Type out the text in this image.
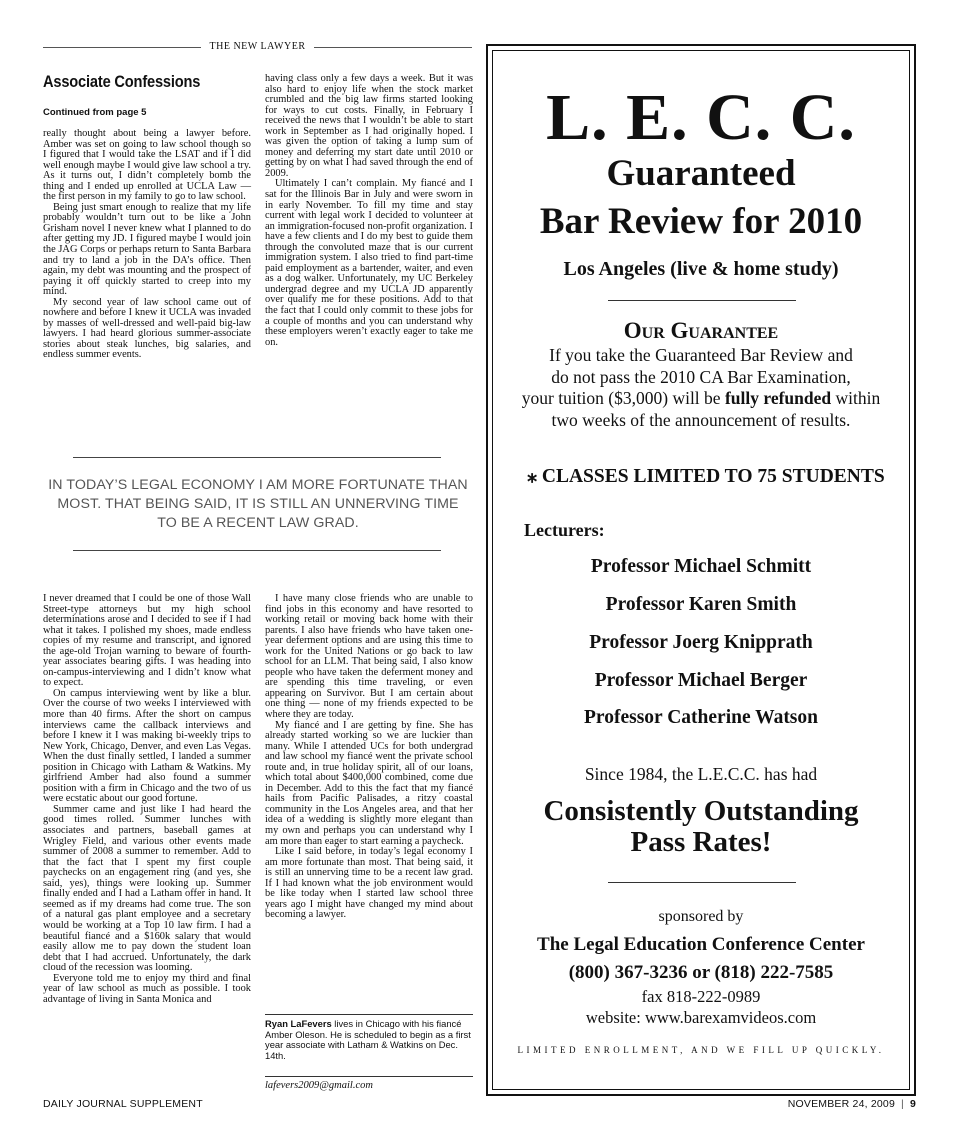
THE NEW LAWYER
Associate Confessions
Continued from page 5

really thought about being a lawyer before. Amber was set on going to law school though so I figured that I would take the LSAT and if I did well enough maybe I would give law school a try. As it turns out, I didn’t completely bomb the thing and I ended up enrolled at UCLA Law — the first person in my family to go to law school.

Being just smart enough to realize that my life probably wouldn’t turn out to be like a John Grisham novel I never knew what I planned to do after getting my JD. I figured maybe I would join the JAG Corps or perhaps return to Santa Barbara and try to land a job in the DA’s office. Then again, my debt was mounting and the prospect of paying it off quickly started to creep into my mind.

My second year of law school came out of nowhere and before I knew it UCLA was invaded by masses of well-dressed and well-paid big-law lawyers. I had heard glorious summer-associate stories about steak lunches, big salaries, and endless summer events.

having class only a few days a week. But it was also hard to enjoy life when the stock market crumbled and the big law firms started looking for ways to cut costs. Finally, in February I received the news that I wouldn’t be able to start work in September as I had originally hoped. I was given the option of taking a lump sum of money and deferring my start date until 2010 or getting by on what I had saved through the end of 2009.

Ultimately I can’t complain. My fiancé and I sat for the Illinois Bar in July and were sworn in in early November. To fill my time and stay current with legal work I decided to volunteer at an immigration-focused non-profit organization. I have a few clients and I do my best to guide them through the convoluted maze that is our current immigration system. I also tried to find part-time paid employment as a bartender, waiter, and even as a dog walker. Unfortunately, my UC Berkeley undergrad degree and my UCLA JD apparently over qualify me for these positions. Add to that the fact that I could only commit to these jobs for a couple of months and you can understand why these employers weren’t exactly eager to take me on.

IN TODAY’S LEGAL ECONOMY I AM MORE FORTUNATE THAN MOST. THAT BEING SAID, IT IS STILL AN UNNERVING TIME TO BE A RECENT LAW GRAD.

I never dreamed that I could be one of those Wall Street-type attorneys but my high school determinations arose and I decided to see if I had what it takes. I polished my shoes, made endless copies of my resume and transcript, and ignored the age-old Trojan warning to beware of fourth-year associates bearing gifts. I was heading into on-campus-interviewing and I didn’t know what to expect.

On campus interviewing went by like a blur. Over the course of two weeks I interviewed with more than 40 firms. After the short on campus interviews came the callback interviews and before I knew it I was making bi-weekly trips to New York, Chicago, Denver, and even Las Vegas. When the dust finally settled, I landed a summer position in Chicago with Latham & Watkins. My girlfriend Amber had also found a summer position with a firm in Chicago and the two of us were ecstatic about our good fortune.

Summer came and just like I had heard the good times rolled. Summer lunches with associates and partners, baseball games at Wrigley Field, and various other events made summer of 2008 a summer to remember. Add to that the fact that I spent my first couple paychecks on an engagement ring (and yes, she said, yes), things were looking up. Summer finally ended and I had a Latham offer in hand. It seemed as if my dreams had come true. The son of a natural gas plant employee and a secretary would be working at a Top 10 law firm. I had a beautiful fiancé and a $160k salary that would easily allow me to pay down the student loan debt that I had accrued. Unfortunately, the dark cloud of the recession was looming.

Everyone told me to enjoy my third and final year of law school as much as possible. I took advantage of living in Santa Monica and

I have many close friends who are unable to find jobs in this economy and have resorted to working retail or moving back home with their parents. I also have friends who have taken one-year deferment options and are using this time to work for the United Nations or go back to law school for an LLM. That being said, I also know people who have taken the deferment money and are spending this time traveling, or even appearing on Survivor. But I am certain about one thing — none of my friends expected to be where they are today.

My fiancé and I are getting by fine. She has already started working so we are luckier than many. While I attended UCs for both undergrad and law school my fiancé went the private school route and, in true holiday spirit, all of our loans, which total about $400,000 combined, come due in December. Add to this the fact that my fiancé hails from Pacific Palisades, a ritzy coastal community in the Los Angeles area, and that her idea of a wedding is slightly more elegant than my own and perhaps you can understand why I am more than eager to start earning a paycheck.

Like I said before, in today’s legal economy I am more fortunate than most. That being said, it is still an unnerving time to be a recent law grad. If I had known what the job environment would be like today when I started law school three years ago I might have changed my mind about becoming a lawyer.

Ryan LaFevers lives in Chicago with his fiancé Amber Oleson. He is scheduled to begin as a first year associate with Latham & Watkins on Dec. 14th.
lafevers2009@gmail.com
DAILY JOURNAL SUPPLEMENT	NOVEMBER 24, 2009 | 9
L. E. C. C.
Guaranteed
Bar Review for 2010
Los Angeles (live & home study)
Our Guarantee
If you take the Guaranteed Bar Review and
do not pass the 2010 CA Bar Examination,
your tuition ($3,000) will be fully refunded within
two weeks of the announcement of results.
⁎ CLASSES LIMITED TO 75 STUDENTS
Lecturers:
Professor Michael Schmitt
Professor Karen Smith
Professor Joerg Knipprath
Professor Michael Berger
Professor Catherine Watson
Since 1984, the L.E.C.C. has had
Consistently Outstanding
Pass Rates!
sponsored by
The Legal Education Conference Center
(800) 367-3236 or (818) 222-7585
fax 818-222-0989
website: www.barexamvideos.com
LIMITED ENROLLMENT, AND WE FILL UP QUICKLY.
